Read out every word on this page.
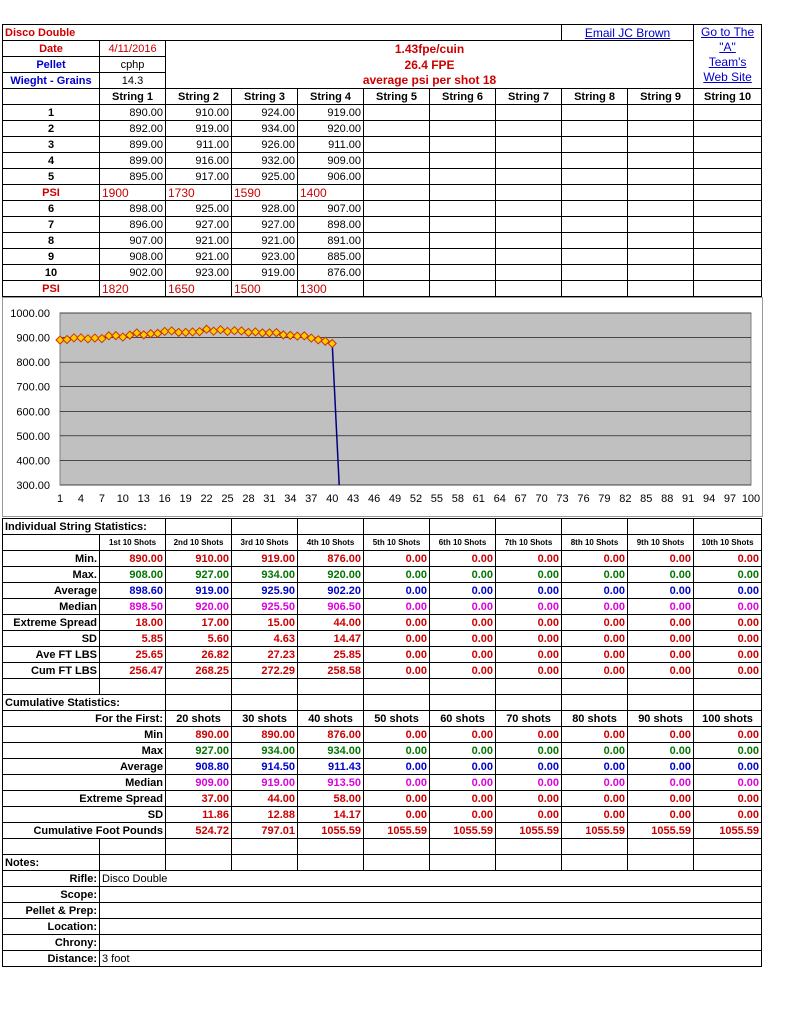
Disco Double								Email JC Brown		Go to The
"A"
Team's
Web Site

Date	4/11/2016	1.43fpe/cuin
26.4 FPE
average psi per shot 18								

Pellet	cphp									
Wieght - Grains	14.3									
	String 1	String 2	String 3	String 4	String 5	String 6	String 7	String 8	String 9	String 10
1	890.00	910.00	924.00	919.00						
2	892.00	919.00	934.00	920.00						
3	899.00	911.00	926.00	911.00						
4	899.00	916.00	932.00	909.00						
5	895.00	917.00	925.00	906.00						
PSI	1900	1730	1590	1400						
6	898.00	925.00	928.00	907.00						
7	896.00	927.00	927.00	898.00						
8	907.00	921.00	921.00	891.00						
9	908.00	921.00	923.00	885.00						
10	902.00	923.00	919.00	876.00						
PSI	1820	1650	1500	1300						
1000.00
900.00
800.00
700.00
600.00
500.00
400.00
300.00
1 4 7 10 13 16 19 22 25 28 31 34 37 40 43 46 49 52 55 58 61 64 67 70 73 76 79 82 85 88 91 94 97 100
Individual String Statistics:										
	1st 10 Shots	2nd 10 Shots	3rd 10 Shots	4th 10 Shots	5th 10 Shots	6th 10 Shots	7th 10 Shots	8th 10 Shots	9th 10 Shots	10th 10 Shots
Min.	890.00	910.00	919.00	876.00	0.00	0.00	0.00	0.00	0.00	0.00
Max.	908.00	927.00	934.00	920.00	0.00	0.00	0.00	0.00	0.00	0.00
Average	898.60	919.00	925.90	902.20	0.00	0.00	0.00	0.00	0.00	0.00
Median	898.50	920.00	925.50	906.50	0.00	0.00	0.00	0.00	0.00	0.00
Extreme Spread	18.00	17.00	15.00	44.00	0.00	0.00	0.00	0.00	0.00	0.00
SD	5.85	5.60	4.63	14.47	0.00	0.00	0.00	0.00	0.00	0.00
Ave FT LBS	25.65	26.82	27.23	25.85	0.00	0.00	0.00	0.00	0.00	0.00
Cum FT LBS	256.47	268.25	272.29	258.58	0.00	0.00	0.00	0.00	0.00	0.00

Cumulative Statistics:										
For the First:		20 shots	30 shots	40 shots	50 shots	60 shots	70 shots	80 shots	90 shots	100 shots
Min		890.00	890.00	876.00	0.00	0.00	0.00	0.00	0.00	0.00
Max		927.00	934.00	934.00	0.00	0.00	0.00	0.00	0.00	0.00
Average		908.80	914.50	911.43	0.00	0.00	0.00	0.00	0.00	0.00
Median		909.00	919.00	913.50	0.00	0.00	0.00	0.00	0.00	0.00
Extreme Spread		37.00	44.00	58.00	0.00	0.00	0.00	0.00	0.00	0.00
SD		11.86	12.88	14.17	0.00	0.00	0.00	0.00	0.00	0.00
Cumulative Foot Pounds		524.72	797.01	1055.59	1055.59	1055.59	1055.59	1055.59	1055.59	1055.59

Notes:										
Rifle:	Disco Double									
Scope:										
Pellet & Prep:										
Location:										
Chrony:										
Distance:	3 foot									
